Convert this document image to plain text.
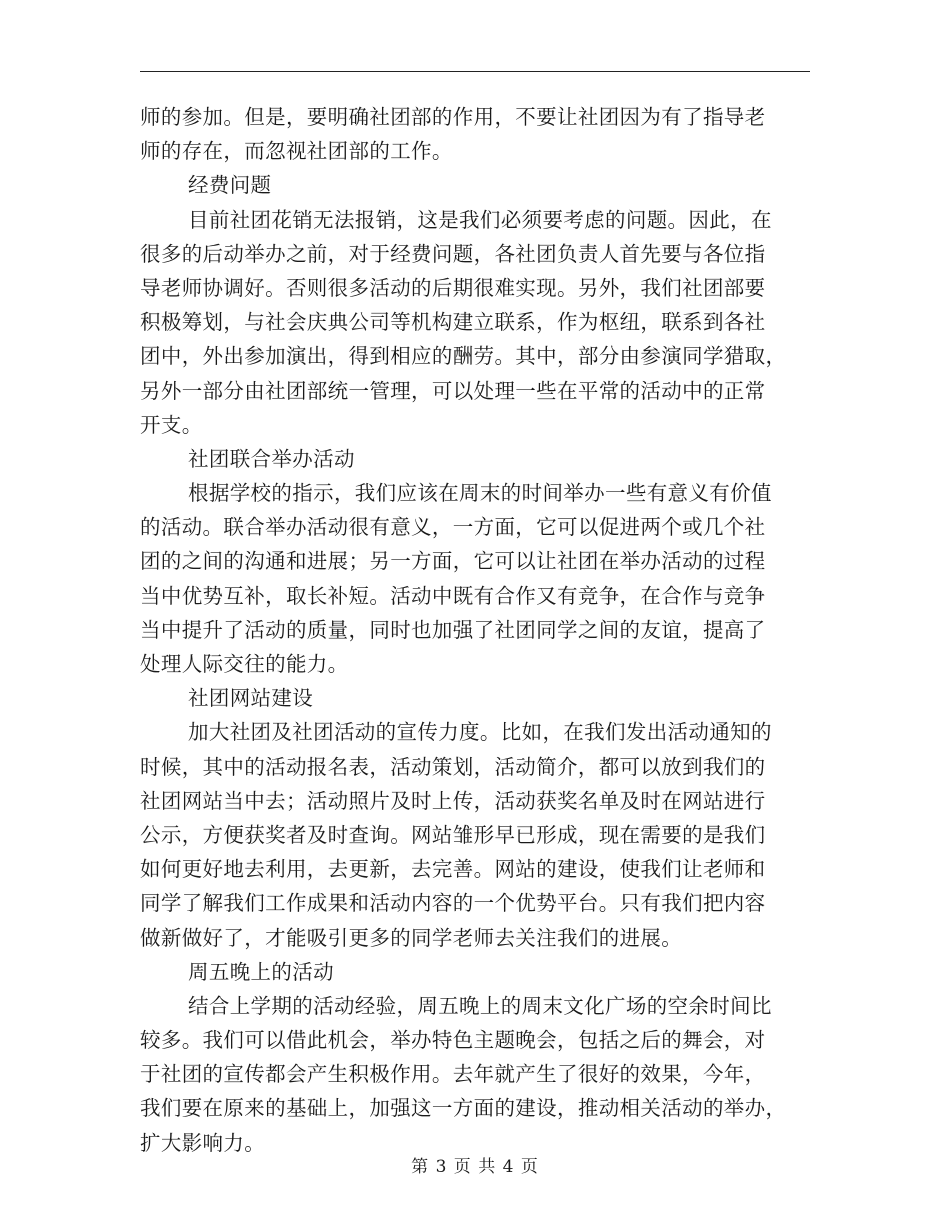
师的参加。但是，要明确社团部的作用，不要让社团因为有了指导老
师的存在，而忽视社团部的工作。
经费问题
目前社团花销无法报销，这是我们必须要考虑的问题。因此，在
很多的后动举办之前，对于经费问题，各社团负责人首先要与各位指
导老师协调好。否则很多活动的后期很难实现。另外，我们社团部要
积极筹划，与社会庆典公司等机构建立联系，作为枢纽，联系到各社
团中，外出参加演出，得到相应的酬劳。其中，部分由参演同学猎取，
另外一部分由社团部统一管理，可以处理一些在平常的活动中的正常
开支。
社团联合举办活动
根据学校的指示，我们应该在周末的时间举办一些有意义有价值
的活动。联合举办活动很有意义，一方面，它可以促进两个或几个社
团的之间的沟通和进展；另一方面，它可以让社团在举办活动的过程
当中优势互补，取长补短。活动中既有合作又有竞争，在合作与竞争
当中提升了活动的质量，同时也加强了社团同学之间的友谊，提高了
处理人际交往的能力。
社团网站建设
加大社团及社团活动的宣传力度。比如，在我们发出活动通知的
时候，其中的活动报名表，活动策划，活动简介，都可以放到我们的
社团网站当中去；活动照片及时上传，活动获奖名单及时在网站进行
公示，方便获奖者及时查询。网站雏形早已形成，现在需要的是我们
如何更好地去利用，去更新，去完善。网站的建设，使我们让老师和
同学了解我们工作成果和活动内容的一个优势平台。只有我们把内容
做新做好了，才能吸引更多的同学老师去关注我们的进展。
周五晚上的活动
结合上学期的活动经验，周五晚上的周末文化广场的空余时间比
较多。我们可以借此机会，举办特色主题晚会，包括之后的舞会，对
于社团的宣传都会产生积极作用。去年就产生了很好的效果，今年，
我们要在原来的基础上，加强这一方面的建设，推动相关活动的举办，
扩大影响力。
第 3 页 共 4 页
